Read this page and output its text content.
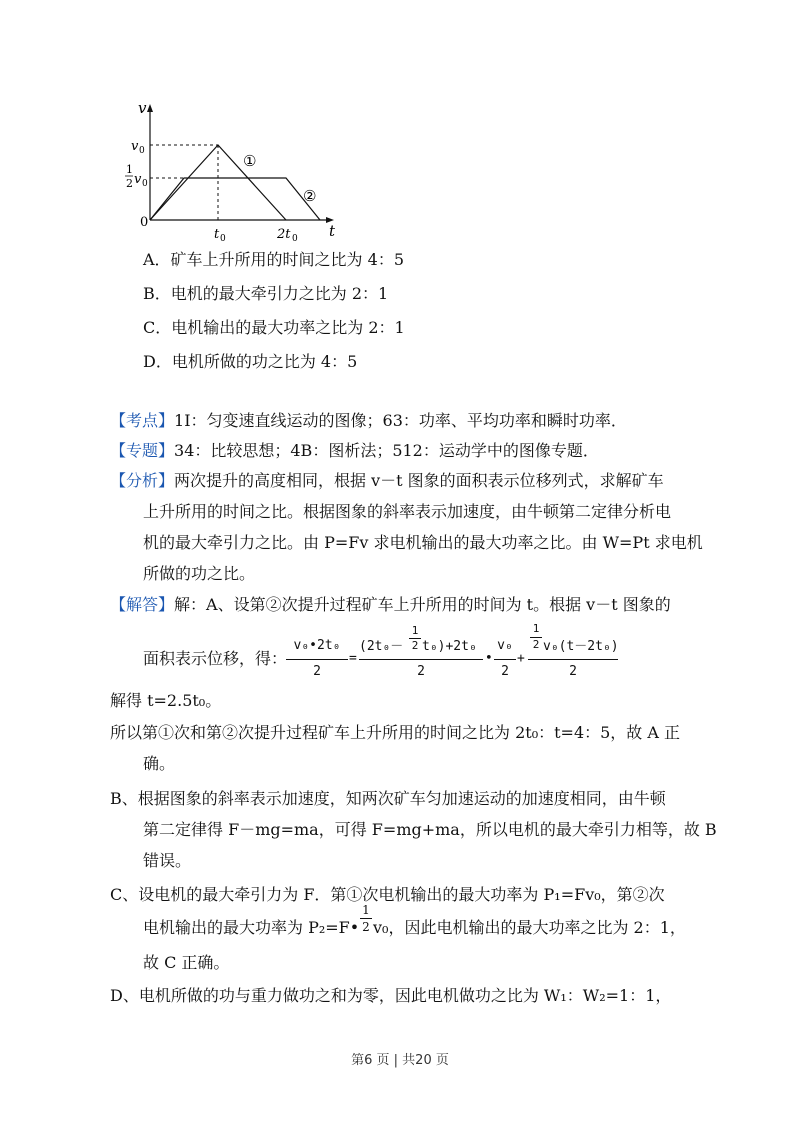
①
②
v
t
v 0
1
2 v 0
0
t 0	2t 0
A．矿车上升所用的时间之比为 4：5
B．电机的最大牵引力之比为 2：1
C．电机输出的最大功率之比为 2：1
D．电机所做的功之比为 4：5
【考点】1I：匀变速直线运动的图像；63：功率、平均功率和瞬时功率．
【专题】34：比较思想；4B：图析法；512：运动学中的图像专题．
【分析】两次提升的高度相同，根据 v－t 图象的面积表示位移列式，求解矿车
上升所用的时间之比。根据图象的斜率表示加速度，由牛顿第二定律分析电
机的最大牵引力之比。由 P=Fv 求电机输出的最大功率之比。由 W=Pt 求电机
所做的功之比。
【解答】解：A、设第②次提升过程矿车上升所用的时间为 t。根据 v－t 图象的
面积表示位移，得：
v₀•2t₀
2
=
(2t₀－
1
2 t₀)+2t₀
2
•
v₀
2
+
1
2 v₀(t－2t₀)
2
解得 t=2.5t₀。
所以第①次和第②次提升过程矿车上升所用的时间之比为 2t₀：t=4：5，故 A 正
确。
B、根据图象的斜率表示加速度，知两次矿车匀加速运动的加速度相同，由牛顿
第二定律得 F－mg=ma，可得 F=mg+ma，所以电机的最大牵引力相等，故 B
错误。
C、设电机的最大牵引力为 F．第①次电机输出的最大功率为 P₁=Fv₀，第②次
电机输出的最大功率为 P₂=F•
1
2 v₀，因此电机输出的最大功率之比为 2：1，
故 C 正确。
D、电机所做的功与重力做功之和为零，因此电机做功之比为 W₁：W₂=1：1，
第6 页 | 共20 页
